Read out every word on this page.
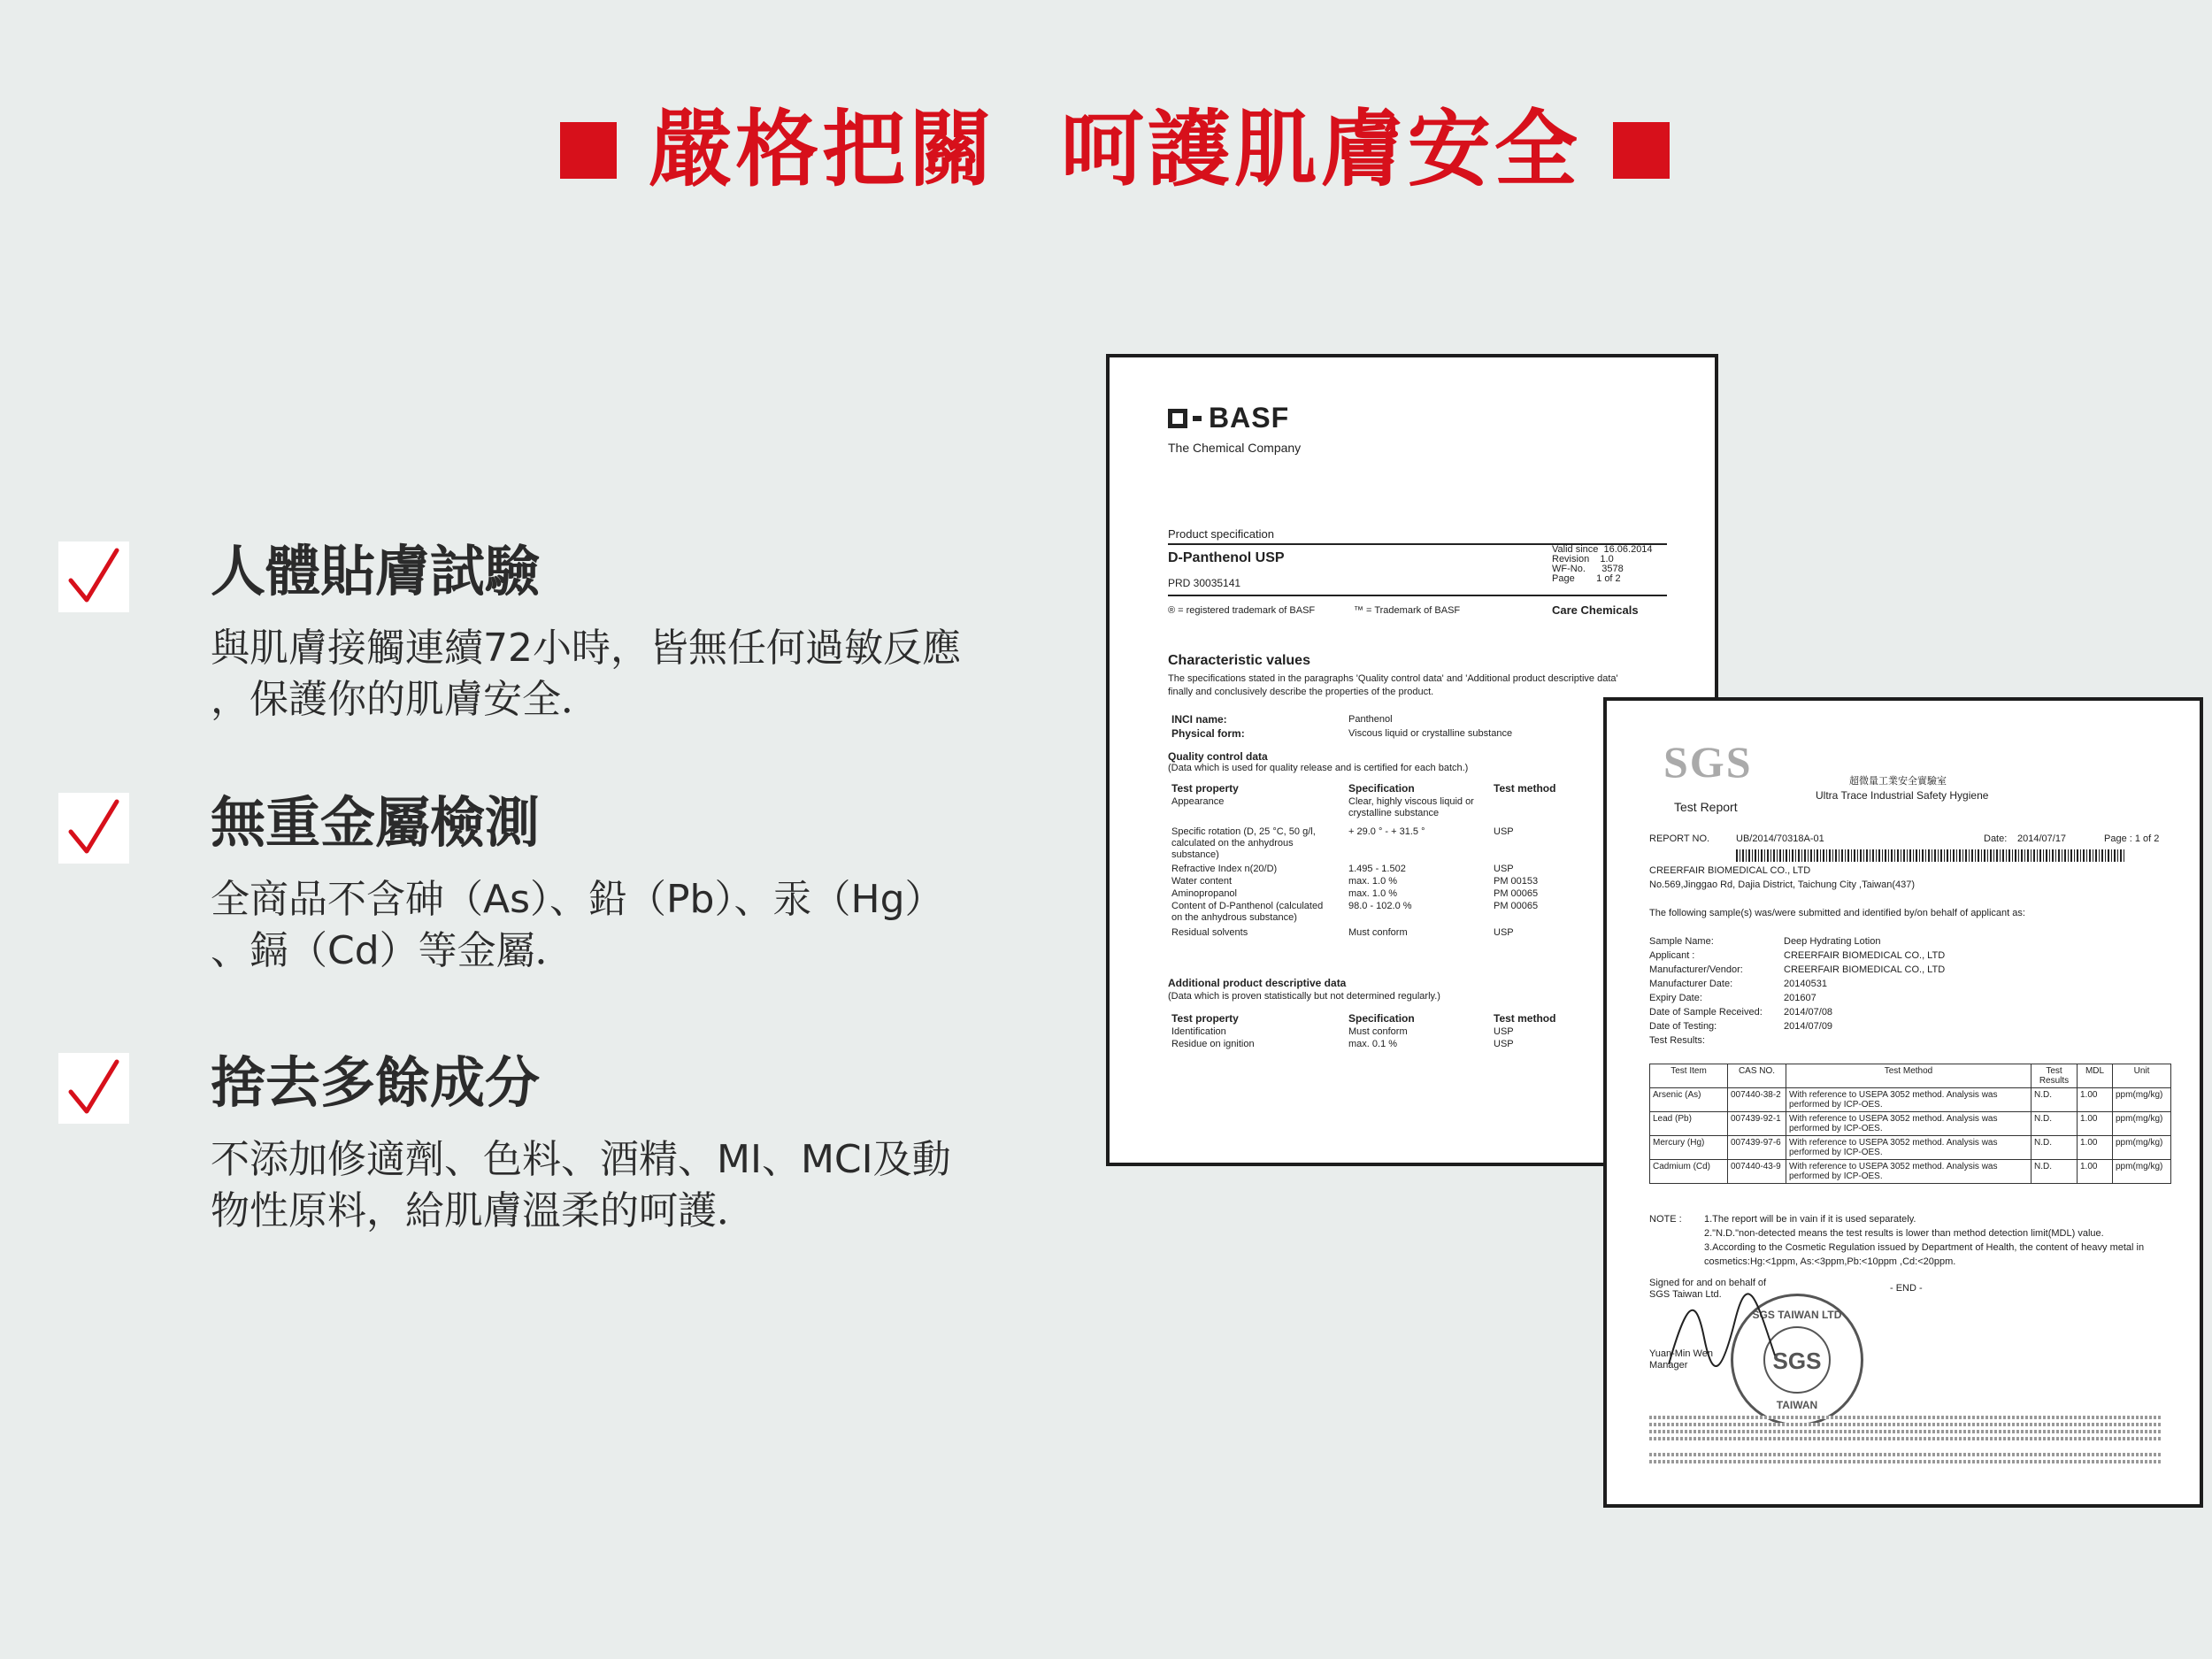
嚴格把關  呵護肌膚安全
人體貼膚試驗
與肌膚接觸連續72小時，皆無任何過敏反應
，保護你的肌膚安全．
無重金屬檢測
全商品不含砷（As）、鉛（Pb）、汞（Hg）
、鎘（Cd）等金屬．
捨去多餘成分
不添加修適劑、色料、酒精、MI、MCI及動
物性原料，給肌膚溫柔的呵護．
BASF
The Chemical Company
Product specification
D-Panthenol USP
PRD 30035141
Valid since  16.06.2014
Revision    1.0
WF-No.      3578
Page        1 of 2
® = registered trademark of BASF	™ = Trademark of BASF	Care Chemicals
Characteristic values
The specifications stated in the paragraphs 'Quality control data' and 'Additional product descriptive data'
finally and conclusively describe the properties of the product.
INCI name:	Panthenol
Physical form:	Viscous liquid or crystalline substance
Quality control data
(Data which is used for quality release and is certified for each batch.)
Test property	Specification	Test method
Appearance	Clear, highly viscous liquid or
crystalline substance
Specific rotation (D, 25 °C, 50 g/l,
calculated on the anhydrous
substance)
+ 29.0 ° - + 31.5 °	USP
Refractive Index n(20/D)	1.495 - 1.502	USP
Water content	max. 1.0 %	PM 00153
Aminopropanol	max. 1.0 %	PM 00065
Content of D-Panthenol (calculated
on the anhydrous substance)
98.0 - 102.0 %	PM 00065
Residual solvents	Must conform	USP
Additional product descriptive data
(Data which is proven statistically but not determined regularly.)
Test property	Specification	Test method
Identification	Must conform	USP
Residue on ignition	max. 0.1 %	USP
SGS
Test Report
超微量工業安全實驗室
Ultra Trace Industrial Safety Hygiene
REPORT NO.	UB/2014/70318A-01	Date: 2014/07/17	Page : 1 of 2
CREERFAIR BIOMEDICAL CO., LTD
No.569,Jinggao Rd, Dajia District, Taichung City ,Taiwan(437)
The following sample(s) was/were submitted and identified by/on behalf of applicant as:
Sample Name:	Deep Hydrating Lotion
Applicant :	CREERFAIR BIOMEDICAL CO., LTD
Manufacturer/Vendor:	CREERFAIR BIOMEDICAL CO., LTD
Manufacturer Date:	20140531
Expiry Date:	201607
Date of Sample Received: 2014/07/08
Date of Testing:	2014/07/09
Test Results:
Test Item	CAS NO.	Test Method	Test Results	MDL	Unit
Arsenic (As)	007440-38-2	With reference to USEPA 3052 method. Analysis was performed by ICP-OES.	N.D.	1.00	ppm(mg/kg)
Lead (Pb)	007439-92-1	With reference to USEPA 3052 method. Analysis was performed by ICP-OES.	N.D.	1.00	ppm(mg/kg)
Mercury (Hg)	007439-97-6	With reference to USEPA 3052 method. Analysis was performed by ICP-OES.	N.D.	1.00	ppm(mg/kg)
Cadmium (Cd)	007440-43-9	With reference to USEPA 3052 method. Analysis was performed by ICP-OES.	N.D.	1.00	ppm(mg/kg)
NOTE : 1.The report will be in vain if it is used separately.
2."N.D."non-detected means the test results is lower than method detection limit(MDL) value.
3.According to the Cosmetic Regulation issued by Department of Health, the content of heavy metal in
cosmetics:Hg:<1ppm, As:<3ppm,Pb:<10ppm ,Cd:<20ppm.
Signed for and on behalf of
SGS Taiwan Ltd.
- END -
SGS TAIWAN LTD
SGS
TAIWAN
Yuan-Min Wen
Manager
